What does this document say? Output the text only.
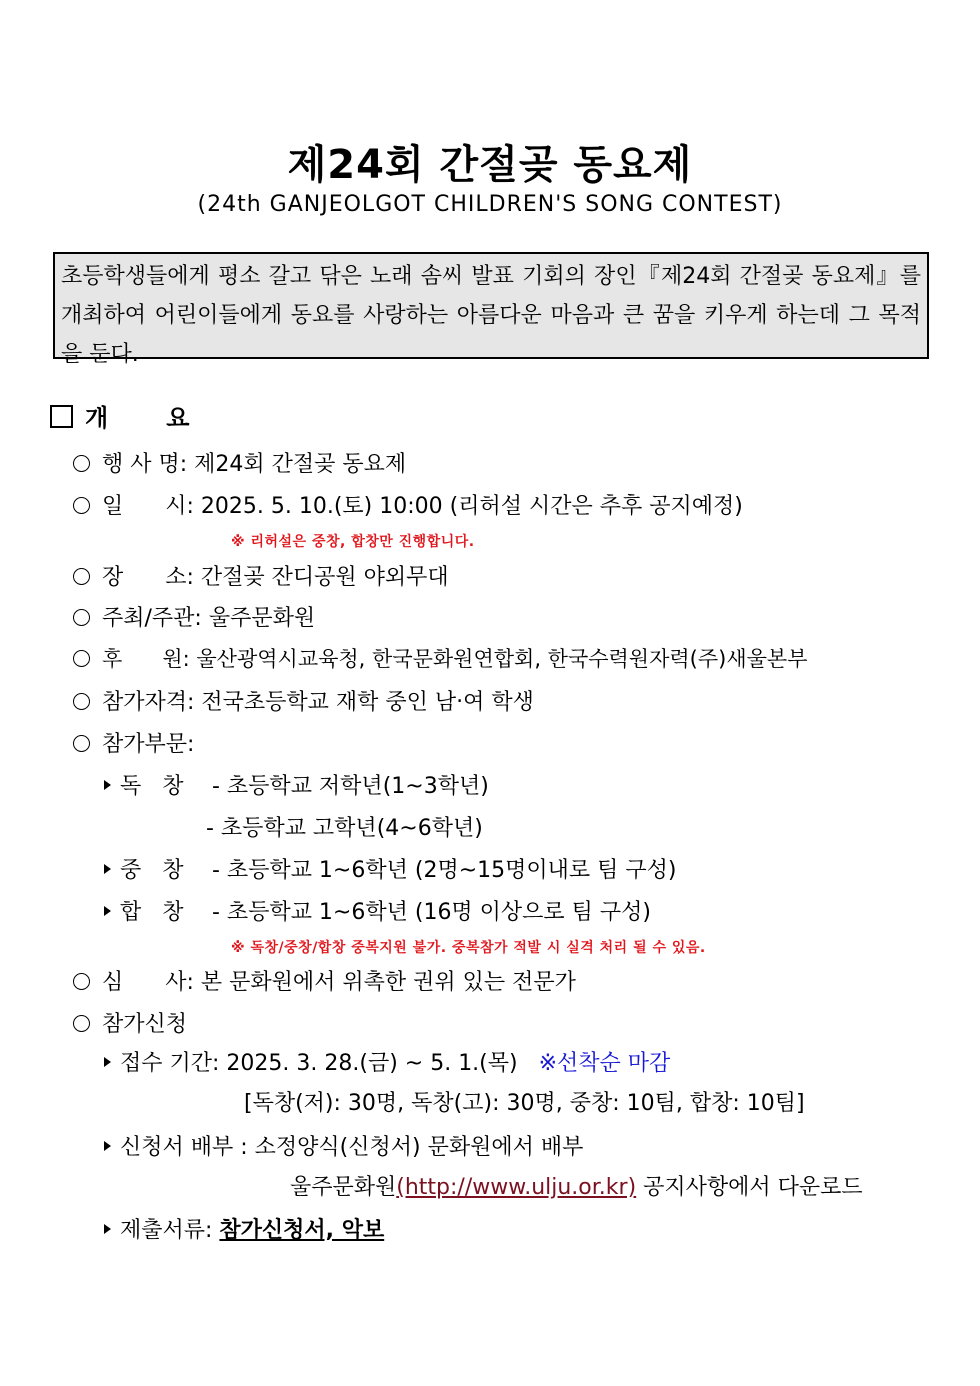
제24회 간절곶 동요제
(24th GANJEOLGOT CHILDREN'S SONG CONTEST)
초등학생들에게 평소 갈고 닦은 노래 솜씨 발표 기회의 장인『제24회 간절곶 동요제』를 개최하여 어린이들에게 동요를 사랑하는 아름다운 마음과 큰 꿈을 키우게 하는데 그 목적을 둔다.
개 요
행 사 명: 제24회 간절곶 동요제
일      시: 2025. 5. 10.(토) 10:00 (리허설 시간은 추후 공지예정)
※ 리허설은 중창, 합창만 진행합니다.
장      소: 간절곶 잔디공원 야외무대
주최/주관: 울주문화원
후      원: 울산광역시교육청, 한국문화원연합회, 한국수력원자력(주)새울본부
참가자격: 전국초등학교 재학 중인 남‧여 학생
참가부문:
독   창 - 초등학교 저학년(1~3학년)
- 초등학교 고학년(4~6학년)
중   창 - 초등학교 1~6학년 (2명~15명이내로 팀 구성)
합   창 - 초등학교 1~6학년 (16명 이상으로 팀 구성)
※ 독창/중창/합창 중복지원 불가. 중복참가 적발 시 실격 처리 될 수 있음.
심      사: 본 문화원에서 위촉한 권위 있는 전문가
참가신청
접수 기간: 2025. 3. 28.(금) ~ 5. 1.(목) ※선착순 마감
[독창(저): 30명, 독창(고): 30명, 중창: 10팀, 합창: 10팀]
신청서 배부 : 소정양식(신청서) 문화원에서 배부
울주문화원(http://www.ulju.or.kr) 공지사항에서 다운로드
제출서류: 참가신청서, 악보
